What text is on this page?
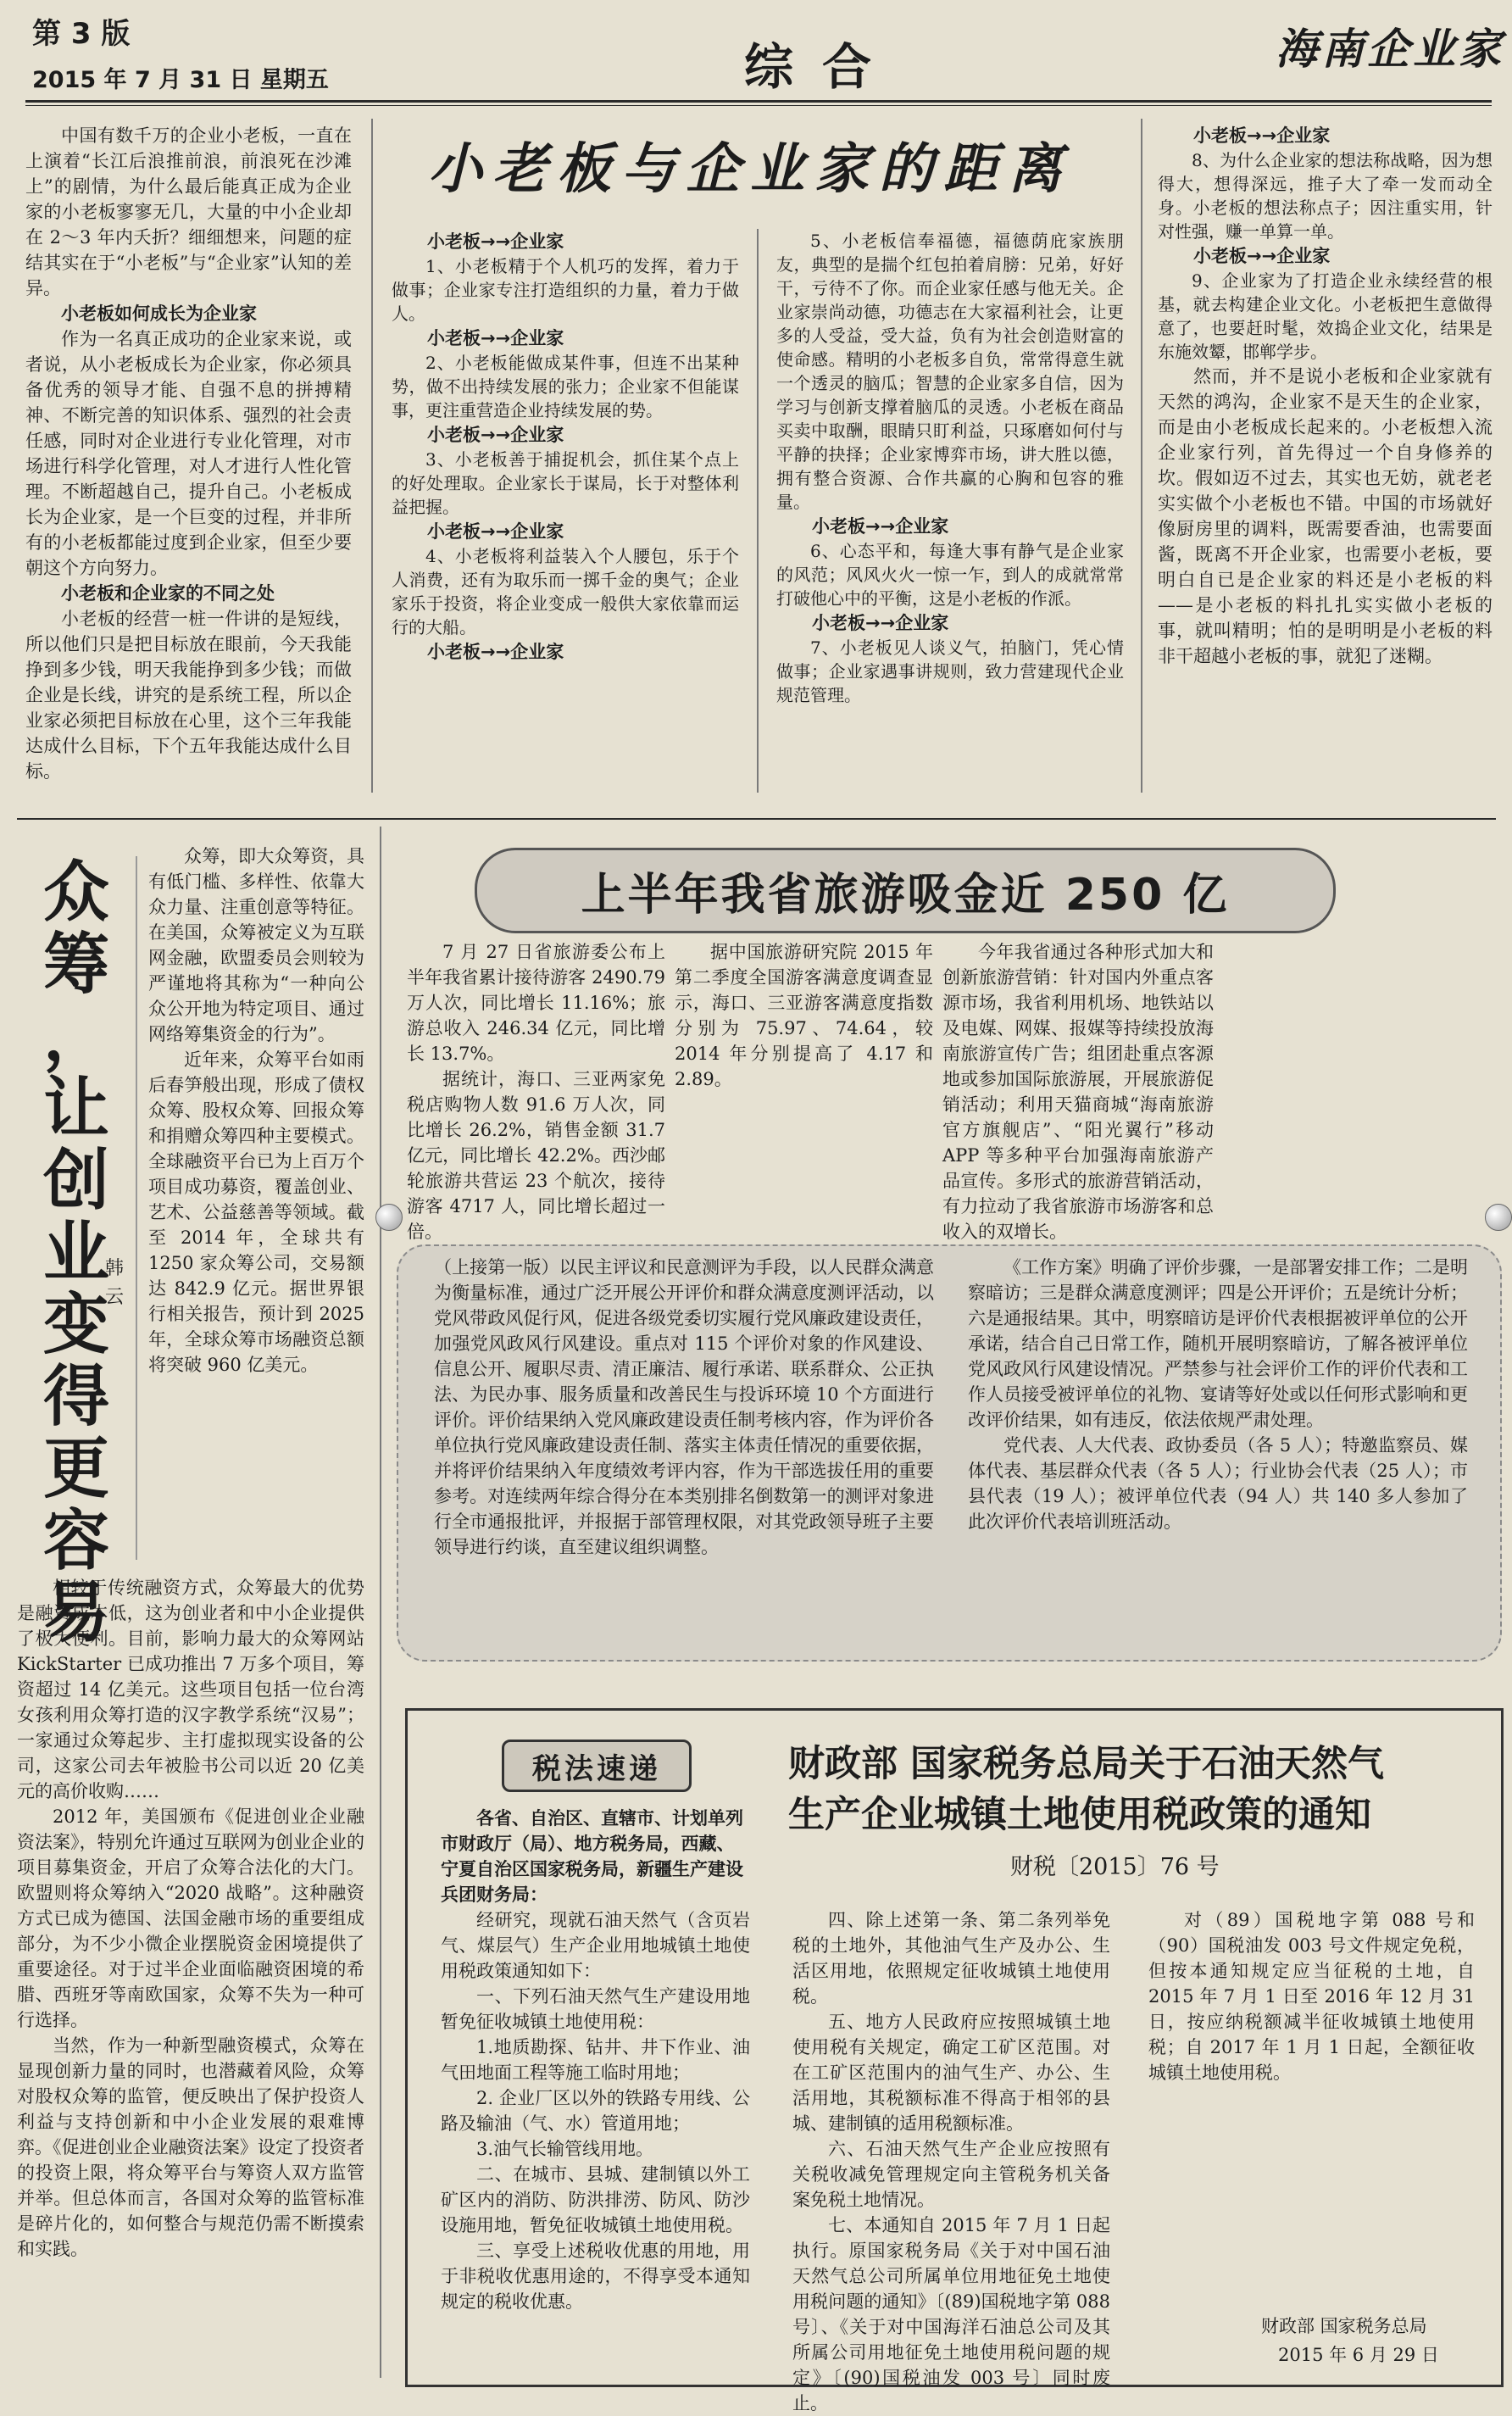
第 3 版
2015 年 7 月 31 日 星期五	综合	海南企业家
小老板与企业家的距离

中国有数千万的企业小老板，一直在上演着“长江后浪推前浪，前浪死在沙滩上”的剧情，为什么最后能真正成为企业家的小老板寥寥无几，大量的中小企业却在 2～3 年内夭折？细细想来，问题的症结其实在于“小老板”与“企业家”认知的差异。

小老板如何成长为企业家

作为一名真正成功的企业家来说，或者说，从小老板成长为企业家，你必须具备优秀的领导才能、自强不息的拼搏精神、不断完善的知识体系、强烈的社会责任感，同时对企业进行专业化管理，对市场进行科学化管理，对人才进行人性化管理。不断超越自己，提升自己。小老板成长为企业家，是一个巨变的过程，并非所有的小老板都能过度到企业家，但至少要朝这个方向努力。

小老板和企业家的不同之处

小老板的经营一桩一件讲的是短线，所以他们只是把目标放在眼前，今天我能挣到多少钱，明天我能挣到多少钱；而做企业是长线，讲究的是系统工程，所以企业家必须把目标放在心里，这个三年我能达成什么目标，下个五年我能达成什么目标。

小老板→→企业家

1、小老板精于个人机巧的发挥，着力于做事；企业家专注打造组织的力量，着力于做人。

小老板→→企业家

2、小老板能做成某件事，但连不出某种势，做不出持续发展的张力；企业家不但能谋事，更注重营造企业持续发展的势。

小老板→→企业家

3、小老板善于捕捉机会，抓住某个点上的好处理取。企业家长于谋局，长于对整体利益把握。

小老板→→企业家

4、小老板将利益装入个人腰包，乐于个人消费，还有为取乐而一掷千金的奥气；企业家乐于投资，将企业变成一般供大家依靠而运行的大船。

小老板→→企业家

5、小老板信奉福德，福德荫庇家族朋友，典型的是揣个红包拍着肩膀：兄弟，好好干，亏待不了你。而企业家任感与他无关。企业家崇尚动德，功德志在大家福利社会，让更多的人受益，受大益，负有为社会创造财富的使命感。精明的小老板多自负，常常得意生就一个透灵的脑瓜；智慧的企业家多自信，因为学习与创新支撑着脑瓜的灵透。小老板在商品买卖中取酬，眼睛只盯利益，只琢磨如何付与平静的抉择；企业家博弈市场，讲大胜以德，拥有整合资源、合作共赢的心胸和包容的雅量。

小老板→→企业家

6、心态平和，每逢大事有静气是企业家的风范；风风火火一惊一乍，到人的成就常常打破他心中的平衡，这是小老板的作派。

小老板→→企业家

7、小老板见人谈义气，拍脑门，凭心情做事；企业家遇事讲规则，致力营建现代企业规范管理。

小老板→→企业家

8、为什么企业家的想法称战略，因为想得大，想得深远，推子大了牵一发而动全身。小老板的想法称点子；因注重实用，针对性强，赚一单算一单。

小老板→→企业家

9、企业家为了打造企业永续经营的根基，就去构建企业文化。小老板把生意做得意了，也要赶时髦，效捣企业文化，结果是东施效颦，邯郸学步。

然而，并不是说小老板和企业家就有天然的鸿沟，企业家不是天生的企业家，而是由小老板成长起来的。小老板想入流企业家行列，首先得过一个自身修养的坎。假如迈不过去，其实也无妨，就老老实实做个小老板也不错。中国的市场就好像厨房里的调料，既需要香油，也需要面酱，既离不开企业家，也需要小老板，要明白自已是企业家的料还是小老板的料——是小老板的料扎扎实实做小老板的事，就叫精明；怕的是明明是小老板的料非干超越小老板的事，就犯了迷糊。

众
筹
，
让
创
业
变
得
更
容
易
韩云

众筹，即大众筹资，具有低门槛、多样性、依靠大众力量、注重创意等特征。在美国，众筹被定义为互联网金融，欧盟委员会则较为严谨地将其称为“一种向公众公开地为特定项目、通过网络筹集资金的行为”。

近年来，众筹平台如雨后春笋般出现，形成了债权众筹、股权众筹、回报众筹和捐赠众筹四种主要模式。全球融资平台已为上百万个项目成功募资，覆盖创业、艺术、公益慈善等领域。截至 2014 年，全球共有 1250 家众筹公司，交易额达 842.9 亿元。据世界银行相关报告，预计到 2025 年，全球众筹市场融资总额将突破 960 亿美元。

相较于传统融资方式，众筹最大的优势是融资成本低，这为创业者和中小企业提供了极大便利。目前，影响力最大的众筹网站 KickStarter 已成功推出 7 万多个项目，筹资超过 14 亿美元。这些项目包括一位台湾女孩利用众筹打造的汉字教学系统“汉易”；一家通过众筹起步、主打虚拟现实设备的公司，这家公司去年被脸书公司以近 20 亿美元的高价收购……

2012 年，美国颁布《促进创业企业融资法案》，特别允许通过互联网为创业企业的项目募集资金，开启了众筹合法化的大门。欧盟则将众筹纳入“2020 战略”。这种融资方式已成为德国、法国金融市场的重要组成部分，为不少小微企业摆脱资金困境提供了重要途径。对于过半企业面临融资困境的希腊、西班牙等南欧国家，众筹不失为一种可行选择。

当然，作为一种新型融资模式，众筹在显现创新力量的同时，也潜藏着风险，众筹对股权众筹的监管，便反映出了保护投资人利益与支持创新和中小企业发展的艰难博弈。《促进创业企业融资法案》设定了投资者的投资上限，将众筹平台与筹资人双方监管并举。但总体而言，各国对众筹的监管标准是碎片化的，如何整合与规范仍需不断摸索和实践。

上半年我省旅游吸金近 250 亿

7 月 27 日省旅游委公布上半年我省累计接待游客 2490.79 万人次，同比增长 11.16%；旅游总收入 246.34 亿元，同比增长 13.7%。

据统计，海口、三亚两家免税店购物人数 91.6 万人次，同比增长 26.2%，销售金额 31.7 亿元，同比增长 42.2%。西沙邮轮旅游共营运 23 个航次，接待游客 4717 人，同比增长超过一倍。

据中国旅游研究院 2015 年第二季度全国游客满意度调查显示，海口、三亚游客满意度指数分别为 75.97、74.64，较 2014 年分别提高了 4.17 和 2.89。

今年我省通过各种形式加大和创新旅游营销：针对国内外重点客源市场，我省利用机场、地铁站以及电媒、网媒、报媒等持续投放海南旅游宣传广告；组团赴重点客源地或参加国际旅游展，开展旅游促销活动；利用天猫商城“海南旅游官方旗舰店”、“阳光翼行”移动 APP 等多种平台加强海南旅游产品宣传。多形式的旅游营销活动，有力拉动了我省旅游市场游客和总收入的双增长。

（上接第一版）以民主评议和民意测评为手段，以人民群众满意为衡量标准，通过广泛开展公开评价和群众满意度测评活动，以党风带政风促行风，促进各级党委切实履行党风廉政建设责任，加强党风政风行风建设。重点对 115 个评价对象的作风建设、信息公开、履职尽责、清正廉洁、履行承诺、联系群众、公正执法、为民办事、服务质量和改善民生与投诉环境 10 个方面进行评价。评价结果纳入党风廉政建设责任制考核内容，作为评价各单位执行党风廉政建设责任制、落实主体责任情况的重要依据，并将评价结果纳入年度绩效考评内容，作为干部选拔任用的重要参考。对连续两年综合得分在本类别排名倒数第一的测评对象进行全市通报批评，并报据于部管理权限，对其党政领导班子主要领导进行约谈，直至建议组织调整。

《工作方案》明确了评价步骤，一是部署安排工作；二是明察暗访；三是群众满意度测评；四是公开评价；五是统计分析；六是通报结果。其中，明察暗访是评价代表根据被评单位的公开承诺，结合自己日常工作，随机开展明察暗访，了解各被评单位党风政风行风建设情况。严禁参与社会评价工作的评价代表和工作人员接受被评单位的礼物、宴请等好处或以任何形式影响和更改评价结果，如有违反，依法依规严肃处理。

党代表、人大代表、政协委员（各 5 人）；特邀监察员、媒体代表、基层群众代表（各 5 人）；行业协会代表（25 人）；市县代表（19 人）；被评单位代表（94 人）共 140 多人参加了此次评价代表培训班活动。

税法速递	财政部 国家税务总局关于石油天然气
生产企业城镇土地使用税政策的通知
财税〔2015〕76 号

各省、自治区、直辖市、计划单列市财政厅（局）、地方税务局，西藏、宁夏自治区国家税务局，新疆生产建设兵团财务局：

经研究，现就石油天然气（含页岩气、煤层气）生产企业用地城镇土地使用税政策通知如下：

一、下列石油天然气生产建设用地暂免征收城镇土地使用税：

1.地质勘探、钻井、井下作业、油气田地面工程等施工临时用地；

2. 企业厂区以外的铁路专用线、公路及输油（气、水）管道用地；

3.油气长输管线用地。

二、在城市、县城、建制镇以外工矿区内的消防、防洪排涝、防风、防沙设施用地，暂免征收城镇土地使用税。

三、享受上述税收优惠的用地，用于非税收优惠用途的，不得享受本通知规定的税收优惠。

四、除上述第一条、第二条列举免税的土地外，其他油气生产及办公、生活区用地，依照规定征收城镇土地使用税。

五、地方人民政府应按照城镇土地使用税有关规定，确定工矿区范围。对在工矿区范围内的油气生产、办公、生活用地，其税额标准不得高于相邻的县城、建制镇的适用税额标准。

六、石油天然气生产企业应按照有关税收减免管理规定向主管税务机关备案免税土地情况。

七、本通知自 2015 年 7 月 1 日起执行。原国家税务局《关于对中国石油天然气总公司所属单位用地征免土地使用税问题的通知》〔(89)国税地字第 088 号〕、《关于对中国海洋石油总公司及其所属公司用地征免土地使用税问题的规定》〔(90)国税油发 003 号〕同时废止。

对（89）国税地字第 088 号和（90）国税油发 003 号文件规定免税，但按本通知规定应当征税的土地，自 2015 年 7 月 1 日至 2016 年 12 月 31 日，按应纳税额减半征收城镇土地使用税；自 2017 年 1 月 1 日起，全额征收城镇土地使用税。

财政部 国家税务总局
2015 年 6 月 29 日
